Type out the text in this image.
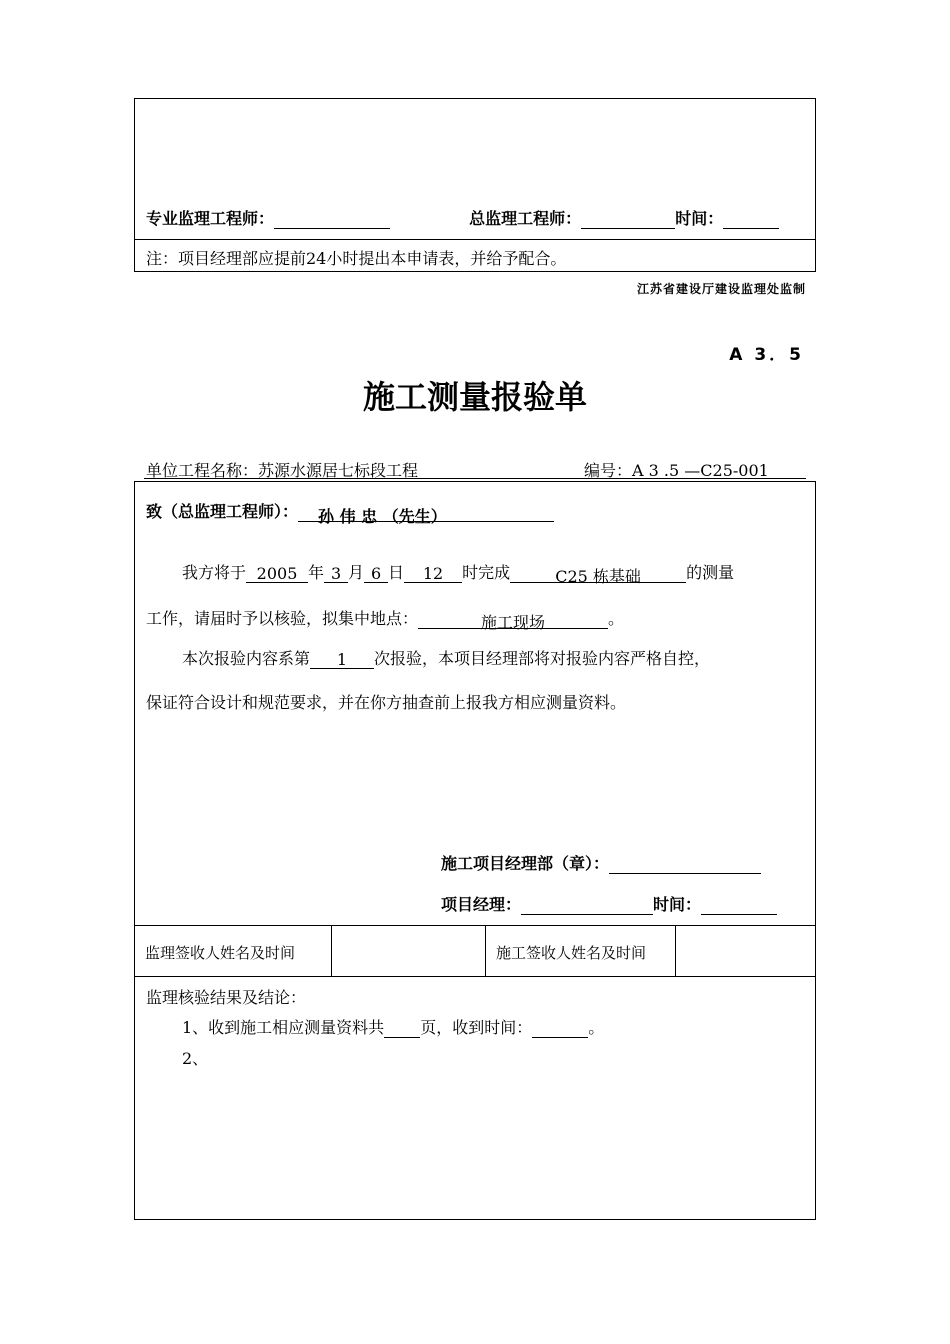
专业监理工程师：	总监理工程师：	时间：
注：项目经理部应提前24小时提出本申请表，并给予配合。
江苏省建设厅建设监理处监制
A 3．5
施工测量报验单
单位工程名称：苏源水源居七标段工程	编号：A 3 .5 —C25-001
致（总监理工程师）： 孙 伟 忠 （先生）
我方将于 2005 年 3 月 6 日 12 时完成	C25 栋基础	的测量
工作，请届时予以核验，拟集中地点：	施工现场	。
本次报验内容系第 1 次报验，本项目经理部将对报验内容严格自控，
保证符合设计和规范要求，并在你方抽查前上报我方相应测量资料。
施工项目经理部（章）：
项目经理：	时间：
监理签收人姓名及时间	施工签收人姓名及时间
监理核验结果及结论：
1、收到施工相应测量资料共 页，收到时间：	。
2、
